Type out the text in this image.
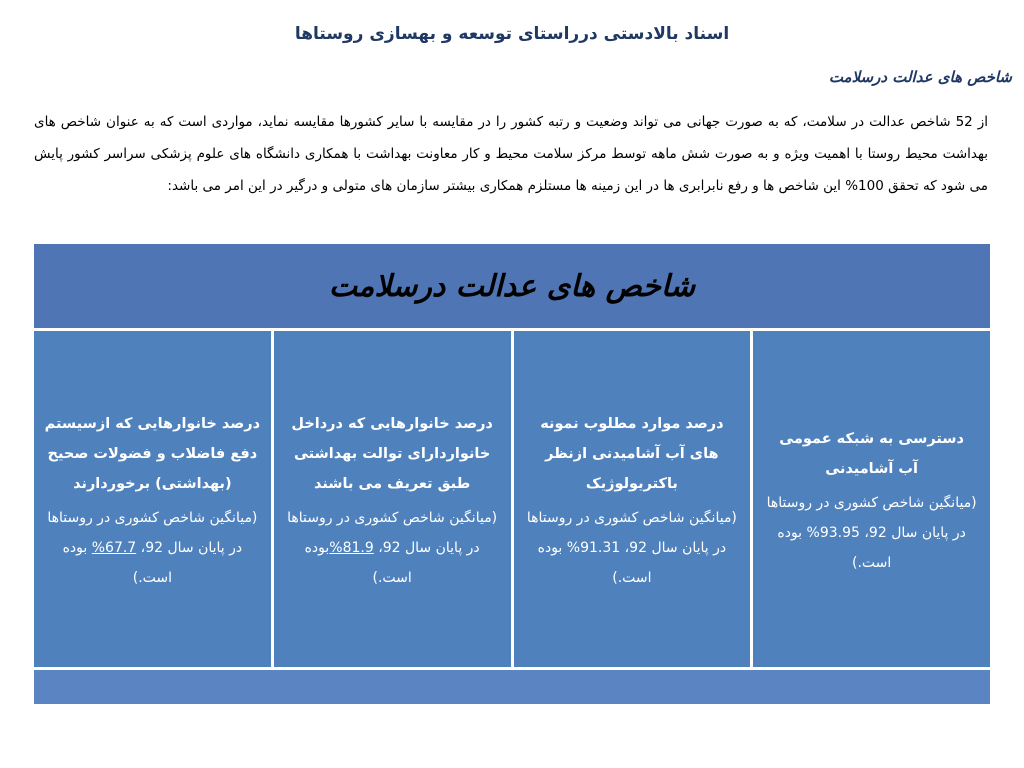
اسناد بالادستی درراستای توسعه و بهسازی روستاها
شاخص های عدالت درسلامت
از 52 شاخص عدالت در سلامت، که به صورت جهانی می تواند وضعیت و رتبه کشور را در مقایسه با سایر کشورها مقایسه نماید، مواردی است که به عنوان شاخص های بهداشت محیط روستا با اهمیت ویژه و به صورت شش ماهه توسط مرکز سلامت محیط و کار معاونت بهداشت با همکاری دانشگاه های علوم پزشکی سراسر کشور پایش می شود که تحقق 100% این شاخص ها و رفع نابرابری ها در این زمینه ها مستلزم همکاری بیشتر سازمان های متولی و درگیر در این امر می باشد:
شاخص های عدالت درسلامت
دسترسی به شبکه عمومی
آب آشامیدنی
(میانگین شاخص کشوری در روستاها در پایان سال 92، 93.95% بوده است.)
درصد موارد مطلوب نمونه های آب آشامیدنی ازنظر
باکتریولوژیک
(میانگین شاخص کشوری در روستاها در پایان سال 92، 91.31% بوده است.)
درصد خانوارهایی که درداخل خانواردارای توالت بهداشتی طبق تعریف می باشند
(میانگین شاخص کشوری در روستاها در پایان سال 92، 81.9%بوده است.)
درصد خانوارهایی که ازسیستم دفع فاضلاب و فضولات صحیح (بهداشتی) برخوردارند
(میانگین شاخص کشوری در روستاها در پایان سال 92، 67.7% بوده است.)
